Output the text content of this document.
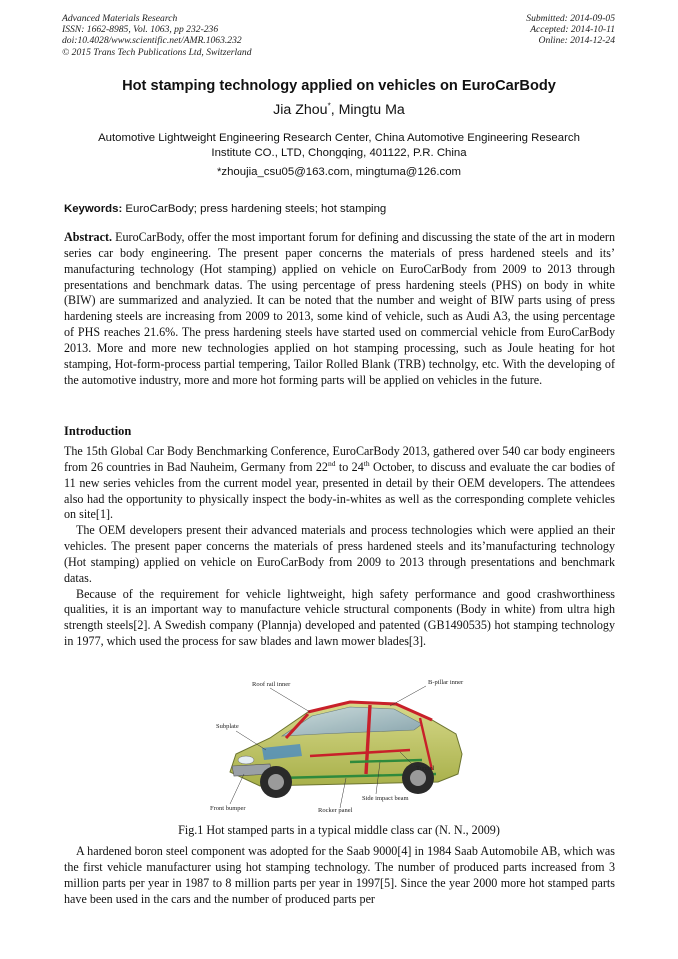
Advanced Materials Research
ISSN: 1662-8985, Vol. 1063, pp 232-236
doi:10.4028/www.scientific.net/AMR.1063.232
© 2015 Trans Tech Publications Ltd, Switzerland
Submitted: 2014-09-05
Accepted: 2014-10-11
Online: 2014-12-24
Hot stamping technology applied on vehicles on EuroCarBody
Jia Zhou*, Mingtu Ma
Automotive Lightweight Engineering Research Center, China Automotive Engineering Research
Institute CO., LTD, Chongqing, 401122, P.R. China
*zhoujia_csu05@163.com, mingtuma@126.com
Keywords: EuroCarBody; press hardening steels; hot stamping
Abstract. EuroCarBody, offer the most important forum for defining and discussing the state of the art in modern series car body engineering. The present paper concerns the materials of press hardened steels and its’ manufacturing technology (Hot stamping) applied on vehicle on EuroCarBody from 2009 to 2013 through presentations and benchmark datas. The using percentage of press hardening steels (PHS) on body in white (BIW) are summarized and analyzied. It can be noted that the number and weight of BIW parts using of press hardening steels are increasing from 2009 to 2013, some kind of vehicle, such as Audi A3, the using percentage of PHS reaches 21.6%. The press hardening steels have started used on commercial vehicle from EuroCarBody 2013. More and more new technologies applied on hot stamping processing, such as Joule heating for hot stamping, Hot-form-process partial tempering, Tailor Rolled Blank (TRB) technolgy, etc. With the developing of the automotive industry, more and more hot forming parts will be applied on vehicles in the future.
Introduction

The 15th Global Car Body Benchmarking Conference, EuroCarBody 2013, gathered over 540 car body engineers from 26 countries in Bad Nauheim, Germany from 22nd to 24th October, to discuss and evaluate the car bodies of 11 new series vehicles from the current model year, presented in detail by their OEM developers. The attendees also had the opportunity to physically inspect the body-in-whites as well as the corresponding complete vehicles on site[1].

The OEM developers present their advanced materials and process technologies which were applied an their vehicles. The present paper concerns the materials of press hardened steels and its’manufacturing technology (Hot stamping) applied on vehicle on EuroCarBody from 2009 to 2013 through presentations and benchmark datas.

Because of the requirement for vehicle lightweight, high safety performance and good crashworthiness qualities, it is an important way to manufacture vehicle structural components (Body in white) from ultra high strength steels[2]. A Swedish company (Plannja) developed and patented (GB1490535) hot stamping technology in 1977, which used the process for saw blades and lawn mower blades[3].

Roof rail inner	B-pillar inner
Subplate
Tunnel
Side impact beam
Front bumper	Rocker panel
Fig.1 Hot stamped parts in a typical middle class car (N. N., 2009)

A hardened boron steel component was adopted for the Saab 9000[4] in 1984 Saab Automobile AB, which was the first vehicle manufacturer using hot stamping technology. The number of produced parts increased from 3 million parts per year in 1987 to 8 million parts per year in 1997[5]. Since the year 2000 more hot stamped parts have been used in the cars and the number of produced parts per
